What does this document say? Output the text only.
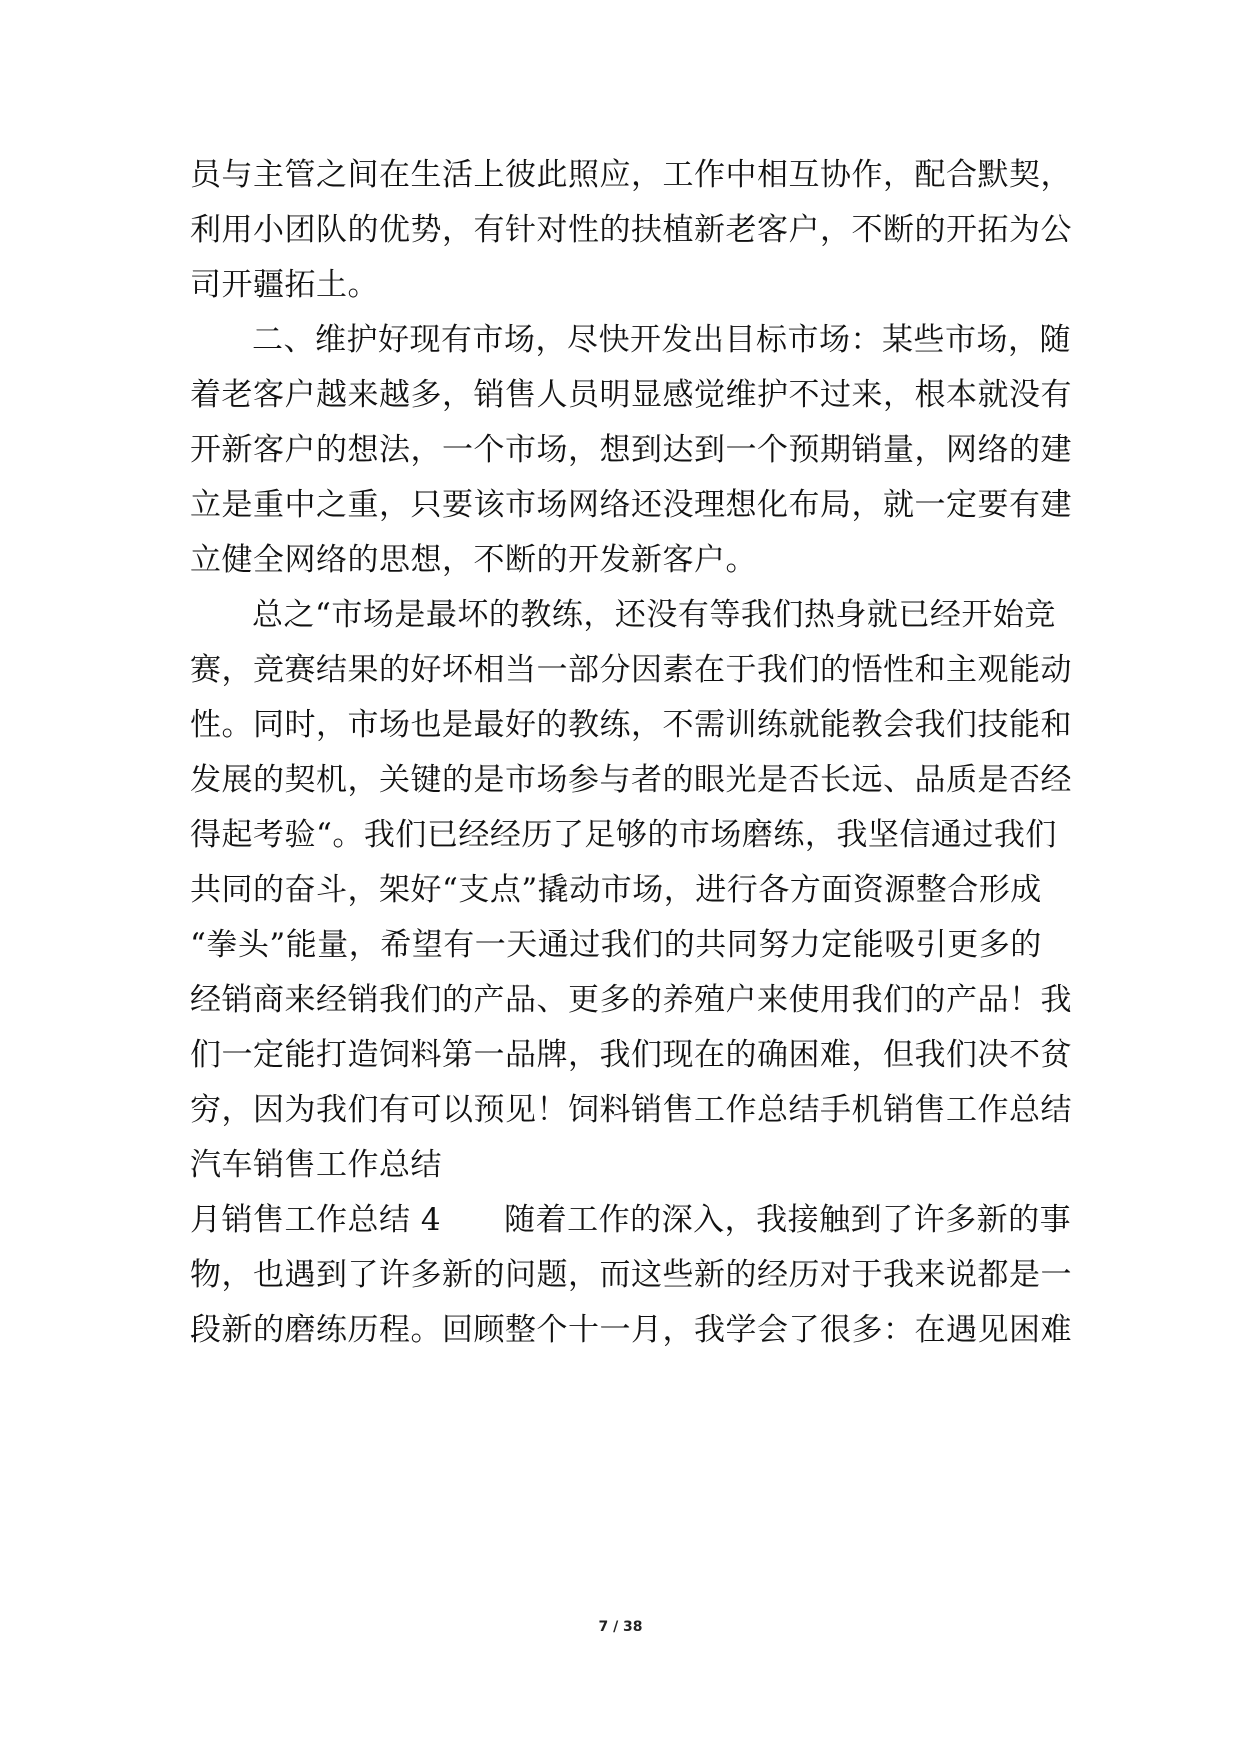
员与主管之间在生活上彼此照应，工作中相互协作，配合默契，
利用小团队的优势，有针对性的扶植新老客户，不断的开拓为公
司开疆拓土。
二、维护好现有市场，尽快开发出目标市场：某些市场，随
着老客户越来越多，销售人员明显感觉维护不过来，根本就没有
开新客户的想法，一个市场，想到达到一个预期销量，网络的建
立是重中之重，只要该市场网络还没理想化布局，就一定要有建
立健全网络的思想，不断的开发新客户。
总之“市场是最坏的教练，还没有等我们热身就已经开始竞
赛，竞赛结果的好坏相当一部分因素在于我们的悟性和主观能动
性。同时，市场也是最好的教练，不需训练就能教会我们技能和
发展的契机，关键的是市场参与者的眼光是否长远、品质是否经
得起考验“。我们已经经历了足够的市场磨练，我坚信通过我们
共同的奋斗，架好“支点”撬动市场，进行各方面资源整合形成
“拳头”能量，希望有一天通过我们的共同努力定能吸引更多的
经销商来经销我们的产品、更多的养殖户来使用我们的产品！我
们一定能打造饲料第一品牌，我们现在的确困难，但我们决不贫
穷，因为我们有可以预见！饲料销售工作总结手机销售工作总结
汽车销售工作总结
月销售工作总结 4　　随着工作的深入，我接触到了许多新的事
物，也遇到了许多新的问题，而这些新的经历对于我来说都是一
段新的磨练历程。回顾整个十一月，我学会了很多：在遇见困难
7 / 38
